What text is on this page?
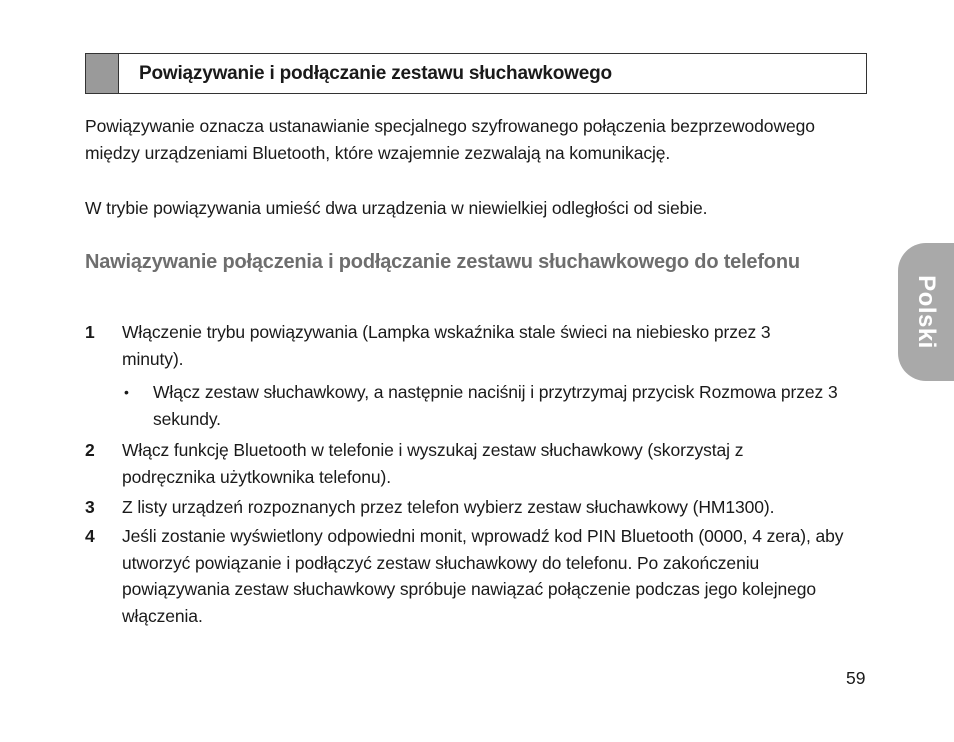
Powiązywanie i podłączanie zestawu słuchawkowego

Powiązywanie oznacza ustanawianie specjalnego szyfrowanego połączenia bezprzewodowego między urządzeniami Bluetooth, które wzajemnie zezwalają na komunikację.

W trybie powiązywania umieść dwa urządzenia w niewielkiej odległości od siebie.

Nawiązywanie połączenia i podłączanie zestawu słuchawkowego do telefonu
1 Włączenie trybu powiązywania (Lampka wskaźnika stale świeci na niebiesko przez 3 minuty).
• Włącz zestaw słuchawkowy, a następnie naciśnij i przytrzymaj przycisk Rozmowa przez 3 sekundy.
2 Włącz funkcję Bluetooth w telefonie i wyszukaj zestaw słuchawkowy (skorzystaj z podręcznika użytkownika telefonu).
3 Z listy urządzeń rozpoznanych przez telefon wybierz zestaw słuchawkowy (HM1300).
4 Jeśli zostanie wyświetlony odpowiedni monit, wprowadź kod PIN Bluetooth (0000, 4 zera), aby utworzyć powiązanie i podłączyć zestaw słuchawkowy do telefonu. Po zakończeniu powiązywania zestaw słuchawkowy spróbuje nawiązać połączenie podczas jego kolejnego włączenia.
Polski
59
